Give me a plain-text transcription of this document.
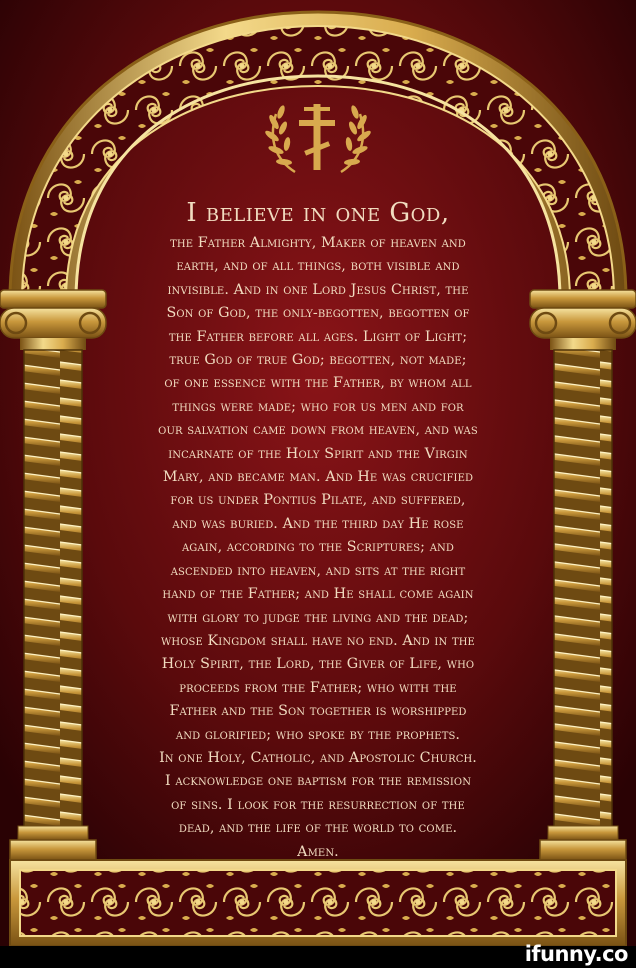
I believe in one God,
the Father Almighty, Maker of heaven and
earth, and of all things, both visible and
invisible. And in one Lord Jesus Christ, the
Son of God, the only-begotten, begotten of
the Father before all ages. Light of Light;
true God of true God; begotten, not made;
of one essence with the Father, by whom all
things were made; who for us men and for
our salvation came down from heaven, and was
incarnate of the Holy Spirit and the Virgin
Mary, and became man. And He was crucified
for us under Pontius Pilate, and suffered,
and was buried. And the third day He rose
again, according to the Scriptures; and
ascended into heaven, and sits at the right
hand of the Father; and He shall come again
with glory to judge the living and the dead;
whose Kingdom shall have no end. And in the
Holy Spirit, the Lord, the Giver of Life, who
proceeds from the Father; who with the
Father and the Son together is worshipped
and glorified; who spoke by the prophets.
In one Holy, Catholic, and Apostolic Church.
I acknowledge one baptism for the remission
of sins. I look for the resurrection of the
dead, and the life of the world to come.
Amen.
ifunny.co
